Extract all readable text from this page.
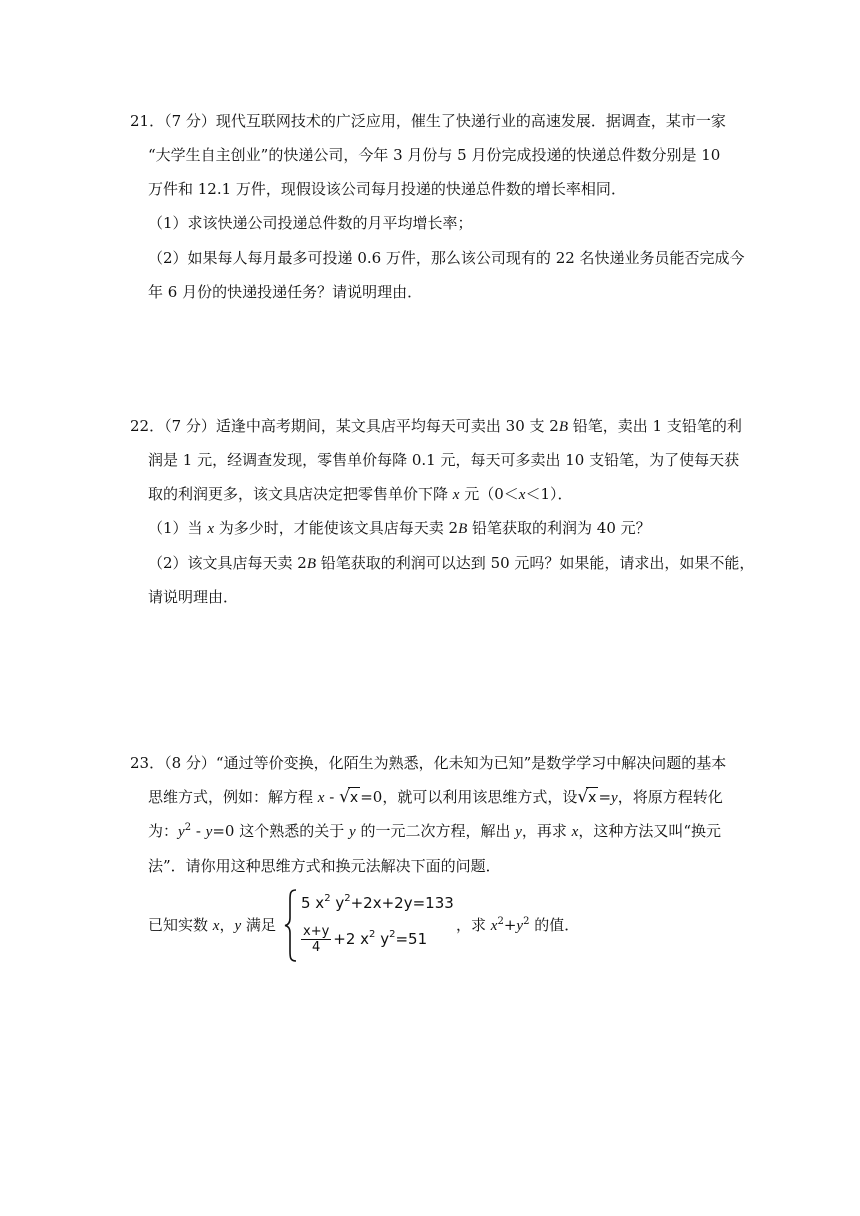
21．（7 分）现代互联网技术的广泛应用，催生了快递行业的高速发展．据调查，某市一家
“大学生自主创业”的快递公司，今年 3 月份与 5 月份完成投递的快递总件数分别是 10
万件和 12.1 万件，现假设该公司每月投递的快递总件数的增长率相同．
（1）求该快递公司投递总件数的月平均增长率；
（2）如果每人每月最多可投递 0.6 万件，那么该公司现有的 22 名快递业务员能否完成今
年 6 月份的快递投递任务？请说明理由．
22．（7 分）适逢中高考期间，某文具店平均每天可卖出 30 支 2B 铅笔，卖出 1 支铅笔的利
润是 1 元，经调查发现，零售单价每降 0.1 元，每天可多卖出 10 支铅笔，为了使每天获
取的利润更多，该文具店决定把零售单价下降 x 元（0＜x＜1）．
（1）当 x 为多少时，才能使该文具店每天卖 2B 铅笔获取的利润为 40 元？
（2）该文具店每天卖 2B 铅笔获取的利润可以达到 50 元吗？如果能，请求出，如果不能，
请说明理由．
23．（8 分）“通过等价变换，化陌生为熟悉，化未知为已知”是数学学习中解决问题的基本
思维方式，例如：解方程 x - √x =0，就可以利用该思维方式，设√x =y，将原方程转化
为：$y^2 - y=0$ 这个熟悉的关于 y 的一元二次方程，解出 y，再求 x，这种方法又叫“换元
法”．请你用这种思维方式和换元法解决下面的问题．
已知实数 x，y 满足
5 $x^2$ $y^2+2x+2y=133$
$\frac{x+y}{4} +2$ $x^2$ $y^2=51$
，求 $x^2+y^2$ 的值．
